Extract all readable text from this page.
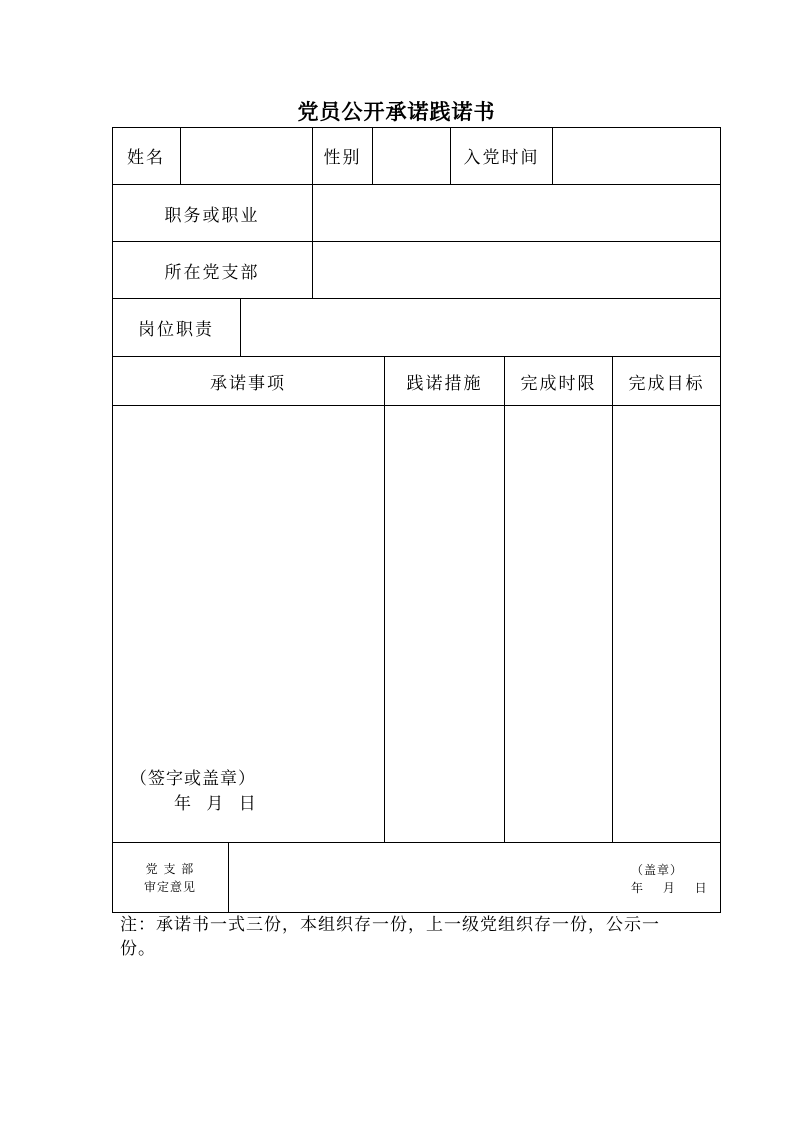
党员公开承诺践诺书
姓名	性别	入党时间
职务或职业
所在党支部
岗位职责
承诺事项	践诺措施	完成时限	完成目标
（签字或盖章）
年 月 日
党 支 部
审定意见
（盖章）
年 月 日
注：承诺书一式三份，本组织存一份，上一级党组织存一份，公示一份。
